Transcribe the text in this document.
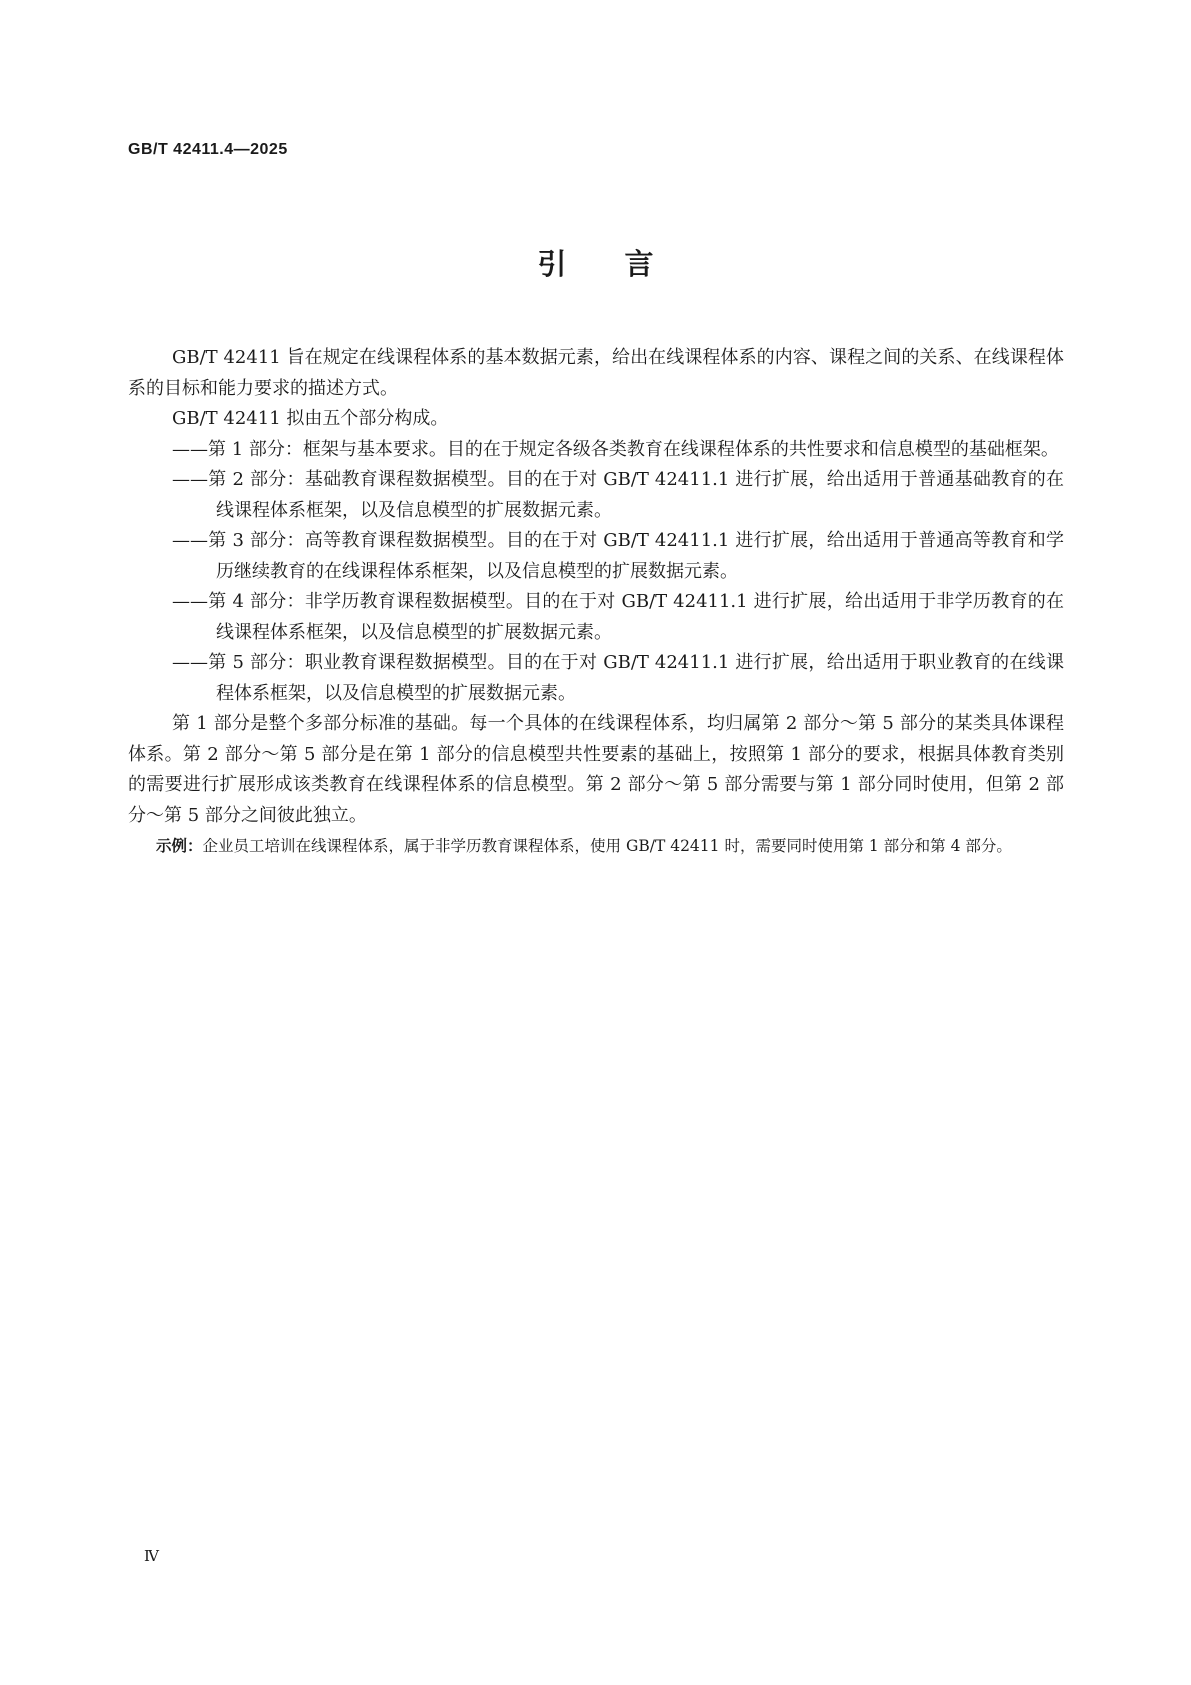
GB/T 42411.4—2025
引言

GB/T 42411 旨在规定在线课程体系的基本数据元素，给出在线课程体系的内容、课程之间的关系、在线课程体系的目标和能力要求的描述方式。

GB/T 42411 拟由五个部分构成。

——第 1 部分：框架与基本要求。目的在于规定各级各类教育在线课程体系的共性要求和信息模型的基础框架。

——第 2 部分：基础教育课程数据模型。目的在于对 GB/T 42411.1 进行扩展，给出适用于普通基础教育的在线课程体系框架，以及信息模型的扩展数据元素。

——第 3 部分：高等教育课程数据模型。目的在于对 GB/T 42411.1 进行扩展，给出适用于普通高等教育和学历继续教育的在线课程体系框架，以及信息模型的扩展数据元素。

——第 4 部分：非学历教育课程数据模型。目的在于对 GB/T 42411.1 进行扩展，给出适用于非学历教育的在线课程体系框架，以及信息模型的扩展数据元素。

——第 5 部分：职业教育课程数据模型。目的在于对 GB/T 42411.1 进行扩展，给出适用于职业教育的在线课程体系框架，以及信息模型的扩展数据元素。

第 1 部分是整个多部分标准的基础。每一个具体的在线课程体系，均归属第 2 部分～第 5 部分的某类具体课程体系。第 2 部分～第 5 部分是在第 1 部分的信息模型共性要素的基础上，按照第 1 部分的要求，根据具体教育类别的需要进行扩展形成该类教育在线课程体系的信息模型。第 2 部分～第 5 部分需要与第 1 部分同时使用，但第 2 部分～第 5 部分之间彼此独立。

示例：企业员工培训在线课程体系，属于非学历教育课程体系，使用 GB/T 42411 时，需要同时使用第 1 部分和第 4 部分。

Ⅳ
